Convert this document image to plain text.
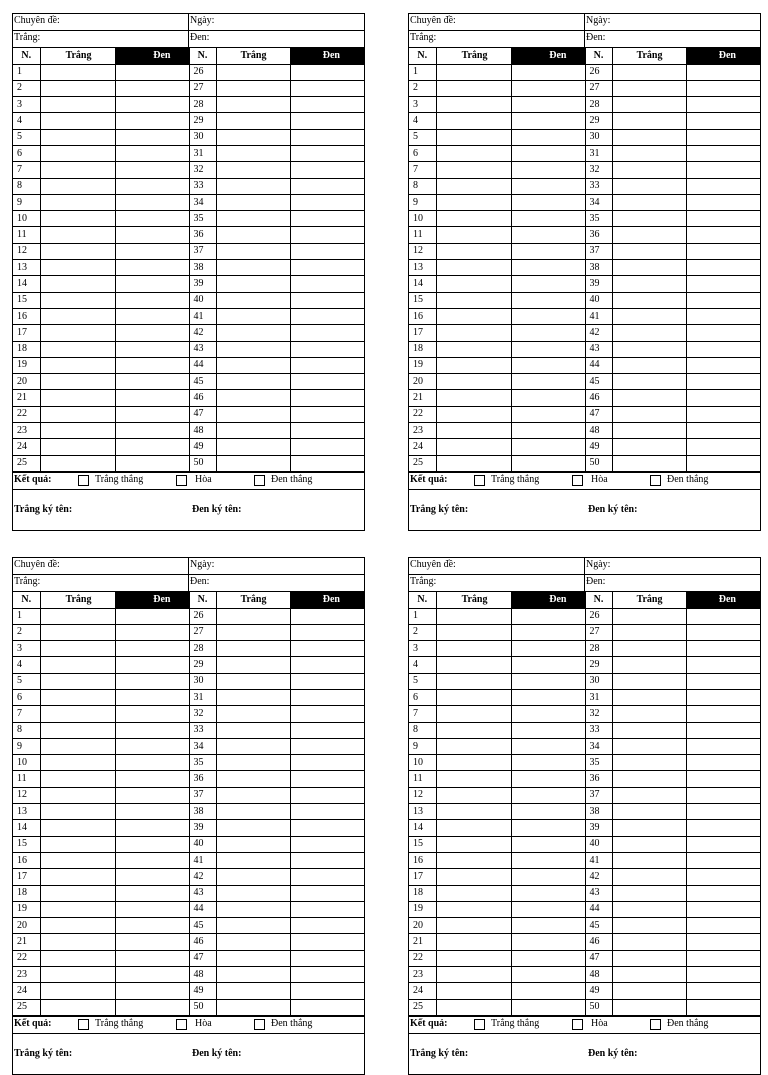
Chuyên đề:	Ngày:
Trắng:	Đen:
N.	Trắng	Đen	N.	Trắng	Đen
1			26		
2			27		
3			28		
4			29		
5			30		
6			31		
7			32		
8			33		
9			34		
10			35		
11			36		
12			37		
13			38		
14			39		
15			40		
16			41		
17			42		
18			43		
19			44		
20			45		
21			46		
22			47		
23			48		
24			49		
25			50		
Kết quả:	Trắng thắng	Hòa	Đen thắng
Trắng ký tên:	Đen ký tên:
Chuyên đề:	Ngày:
Trắng:	Đen:
N.	Trắng	Đen	N.	Trắng	Đen
1			26		
2			27		
3			28		
4			29		
5			30		
6			31		
7			32		
8			33		
9			34		
10			35		
11			36		
12			37		
13			38		
14			39		
15			40		
16			41		
17			42		
18			43		
19			44		
20			45		
21			46		
22			47		
23			48		
24			49		
25			50		
Kết quả:	Trắng thắng	Hòa	Đen thắng
Trắng ký tên:	Đen ký tên:
Chuyên đề:	Ngày:
Trắng:	Đen:
N.	Trắng	Đen	N.	Trắng	Đen
1			26		
2			27		
3			28		
4			29		
5			30		
6			31		
7			32		
8			33		
9			34		
10			35		
11			36		
12			37		
13			38		
14			39		
15			40		
16			41		
17			42		
18			43		
19			44		
20			45		
21			46		
22			47		
23			48		
24			49		
25			50		
Kết quả:	Trắng thắng	Hòa	Đen thắng
Trắng ký tên:	Đen ký tên:
Chuyên đề:	Ngày:
Trắng:	Đen:
N.	Trắng	Đen	N.	Trắng	Đen
1			26		
2			27		
3			28		
4			29		
5			30		
6			31		
7			32		
8			33		
9			34		
10			35		
11			36		
12			37		
13			38		
14			39		
15			40		
16			41		
17			42		
18			43		
19			44		
20			45		
21			46		
22			47		
23			48		
24			49		
25			50		
Kết quả:	Trắng thắng	Hòa	Đen thắng
Trắng ký tên:	Đen ký tên:
